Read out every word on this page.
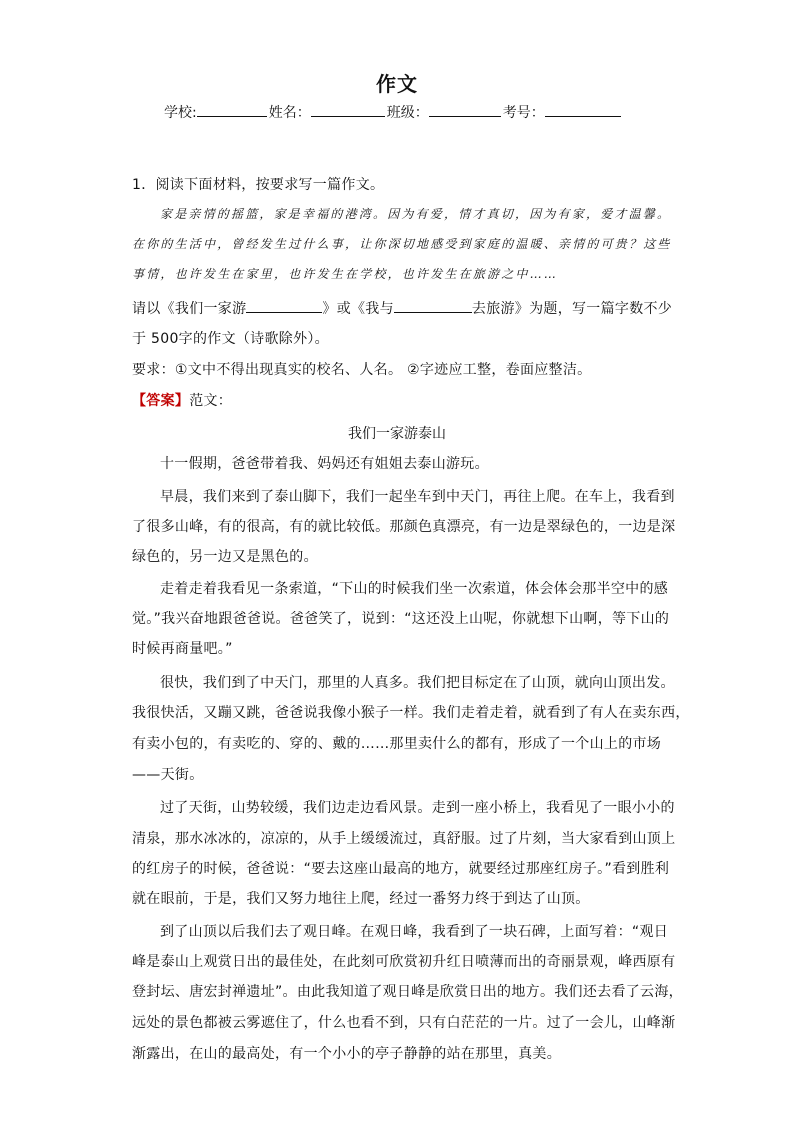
作文
学校:	姓名：	班级：	考号：
1．阅读下面材料，按要求写一篇作文。
家是亲情的摇篮，家是幸福的港湾。因为有爱，情才真切，因为有家，爱才温馨。
在你的生活中，曾经发生过什么事，让你深切地感受到家庭的温暖、亲情的可贵？这些
事情，也许发生在家里，也许发生在学校，也许发生在旅游之中……
请以《我们一家游	》或《我与	去旅游》为题，写一篇字数不少
于 500字的作文（诗歌除外）。
要求：①文中不得出现真实的校名、人名。 ②字迹应工整，卷面应整洁。
【答案】范文：
我们一家游泰山
十一假期，爸爸带着我、妈妈还有姐姐去泰山游玩。
早晨，我们来到了泰山脚下，我们一起坐车到中天门，再往上爬。在车上，我看到
了很多山峰，有的很高，有的就比较低。那颜色真漂亮，有一边是翠绿色的，一边是深
绿色的，另一边又是黑色的。
走着走着我看见一条索道，“下山的时候我们坐一次索道，体会体会那半空中的感
觉。”我兴奋地跟爸爸说。爸爸笑了，说到：“这还没上山呢，你就想下山啊，等下山的
时候再商量吧。”
很快，我们到了中天门，那里的人真多。我们把目标定在了山顶，就向山顶出发。
我很快活，又蹦又跳，爸爸说我像小猴子一样。我们走着走着，就看到了有人在卖东西，
有卖小包的，有卖吃的、穿的、戴的……那里卖什么的都有，形成了一个山上的市场
——天街。
过了天街，山势较缓，我们边走边看风景。走到一座小桥上，我看见了一眼小小的
清泉，那水冰冰的，凉凉的，从手上缓缓流过，真舒服。过了片刻，当大家看到山顶上
的红房子的时候，爸爸说：“要去这座山最高的地方，就要经过那座红房子。”看到胜利
就在眼前，于是，我们又努力地往上爬，经过一番努力终于到达了山顶。
到了山顶以后我们去了观日峰。在观日峰，我看到了一块石碑，上面写着：“观日
峰是泰山上观赏日出的最佳处，在此刻可欣赏初升红日喷薄而出的奇丽景观，峰西原有
登封坛、唐宏封禅遗址”。由此我知道了观日峰是欣赏日出的地方。我们还去看了云海，
远处的景色都被云雾遮住了，什么也看不到，只有白茫茫的一片。过了一会儿，山峰渐
渐露出，在山的最高处，有一个小小的亭子静静的站在那里，真美。
